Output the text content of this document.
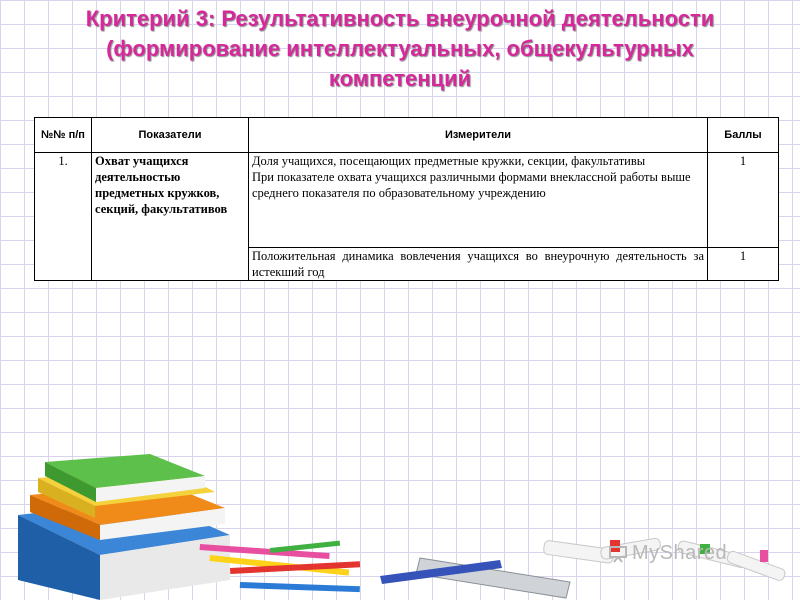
Критерий 3: Результативность внеурочной деятельности
(формирование интеллектуальных, общекультурных
компетенций
№№ п/п	Показатели	Измерители	Баллы
1.	Охват учащихся деятельностью предметных кружков, секций, факультативов	Доля учащихся, посещающих предметные кружки, секции, факультативы
При показателе охвата учащихся различными формами внеклассной работы выше среднего показателя по образовательному учреждению	1
		Положительная динамика вовлечения учащихся во внеурочную деятельность за истекший год	1
MyShared
